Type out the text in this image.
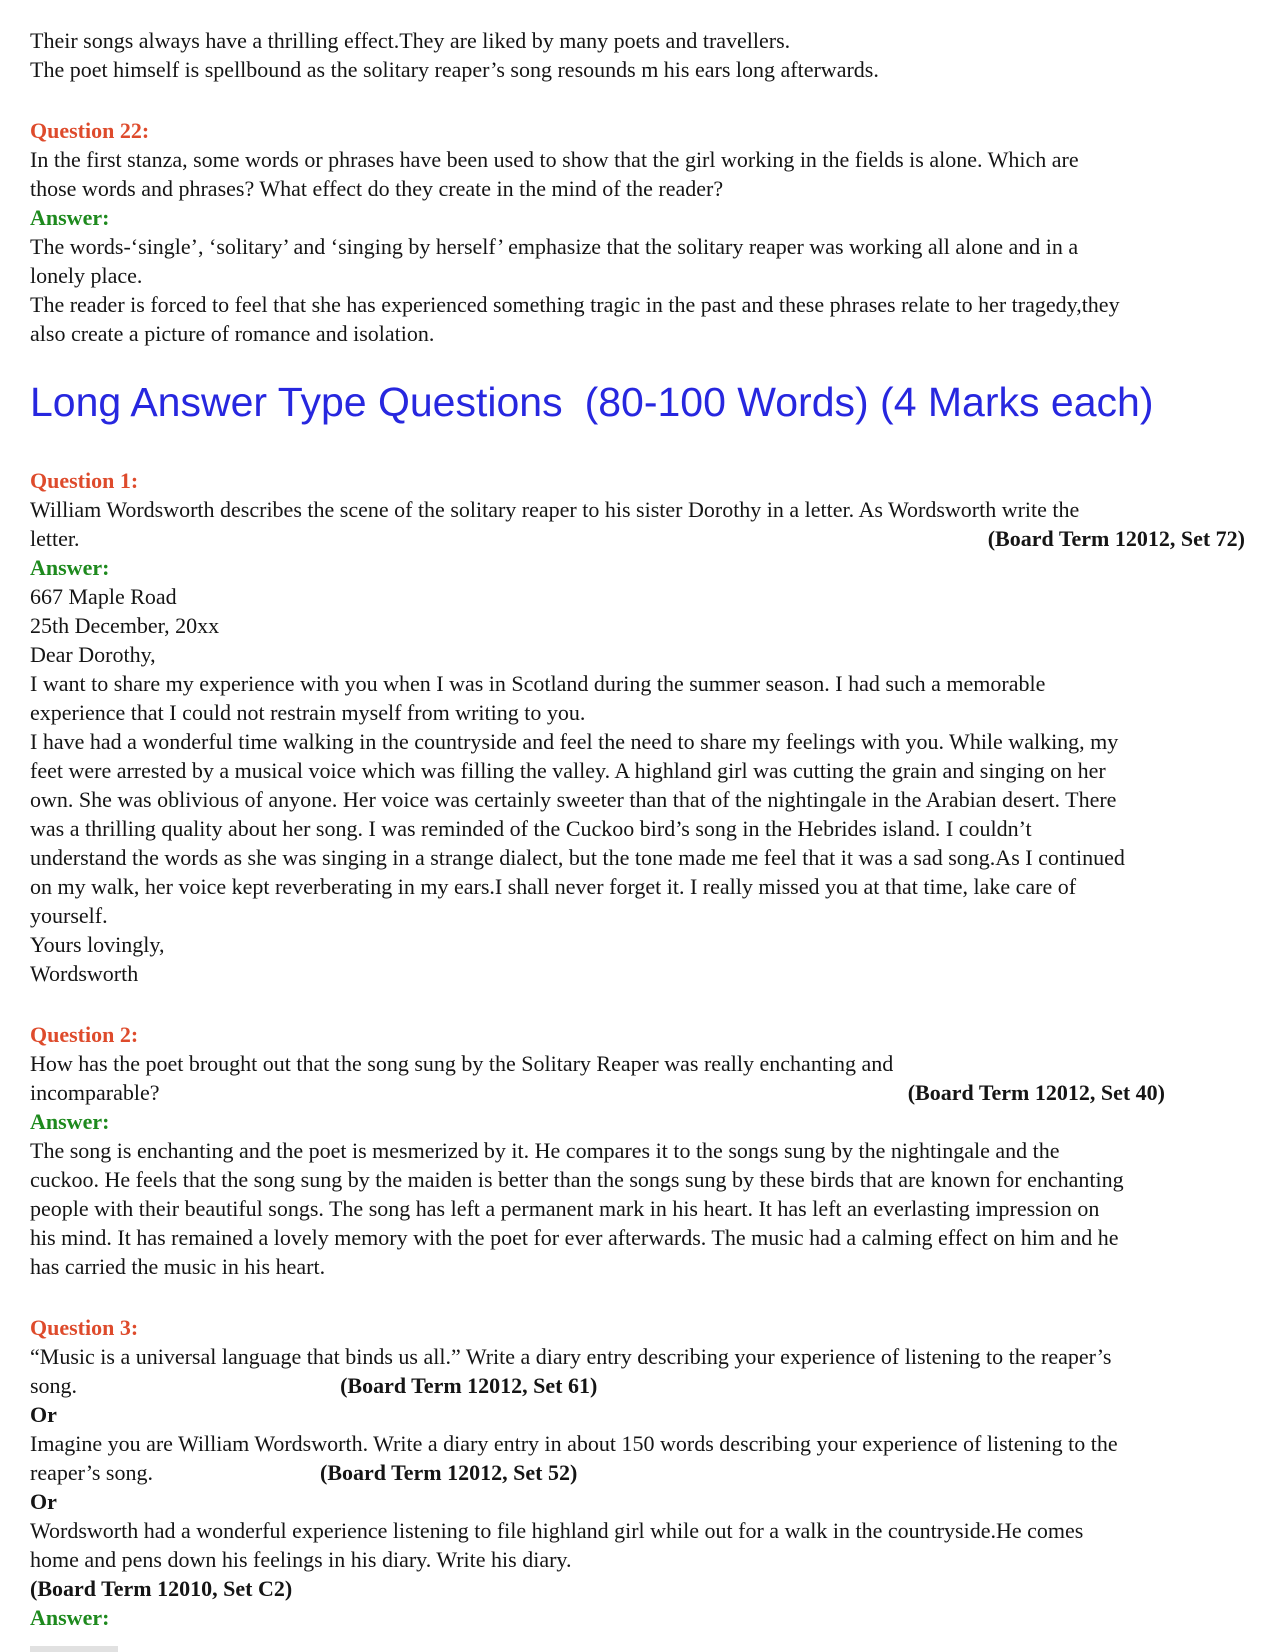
Their songs always have a thrilling effect.They are liked by many poets and travellers.
The poet himself is spellbound as the solitary reaper’s song resounds m his ears long afterwards.
Question 22:
In the first stanza, some words or phrases have been used to show that the girl working in the fields is alone. Which are
those words and phrases? What effect do they create in the mind of the reader?
Answer:
The words-‘single’, ‘solitary’ and ‘singing by herself’ emphasize that the solitary reaper was working all alone and in a
lonely place.
The reader is forced to feel that she has experienced something tragic in the past and these phrases relate to her tragedy,they
also create a picture of romance and isolation.
Long Answer Type Questions (80-100 Words) (4 Marks each)
Question 1:
William Wordsworth describes the scene of the solitary reaper to his sister Dorothy in a letter. As Wordsworth write the
letter.	(Board Term 12012, Set 72)
Answer:
667 Maple Road
25th December, 20xx
Dear Dorothy,
I want to share my experience with you when I was in Scotland during the summer season. I had such a memorable
experience that I could not restrain myself from writing to you.
I have had a wonderful time walking in the countryside and feel the need to share my feelings with you. While walking, my
feet were arrested by a musical voice which was filling the valley. A highland girl was cutting the grain and singing on her
own. She was oblivious of anyone. Her voice was certainly sweeter than that of the nightingale in the Arabian desert. There
was a thrilling quality about her song. I was reminded of the Cuckoo bird’s song in the Hebrides island. I couldn’t
understand the words as she was singing in a strange dialect, but the tone made me feel that it was a sad song.As I continued
on my walk, her voice kept reverberating in my ears.I shall never forget it. I really missed you at that time, lake care of
yourself.
Yours lovingly,
Wordsworth
Question 2:
How has the poet brought out that the song sung by the Solitary Reaper was really enchanting and
incomparable?	(Board Term 12012, Set 40)
Answer:
The song is enchanting and the poet is mesmerized by it. He compares it to the songs sung by the nightingale and the
cuckoo. He feels that the song sung by the maiden is better than the songs sung by these birds that are known for enchanting
people with their beautiful songs. The song has left a permanent mark in his heart. It has left an everlasting impression on
his mind. It has remained a lovely memory with the poet for ever afterwards. The music had a calming effect on him and he
has carried the music in his heart.
Question 3:
“Music is a universal language that binds us all.” Write a diary entry describing your experience of listening to the reaper’s
song.	(Board Term 12012, Set 61)
Or
Imagine you are William Wordsworth. Write a diary entry in about 150 words describing your experience of listening to the
reaper’s song.	(Board Term 12012, Set 52)
Or
Wordsworth had a wonderful experience listening to file highland girl while out for a walk in the countryside.He comes
home and pens down his feelings in his diary. Write his diary.
(Board Term 12010, Set C2)
Answer:
